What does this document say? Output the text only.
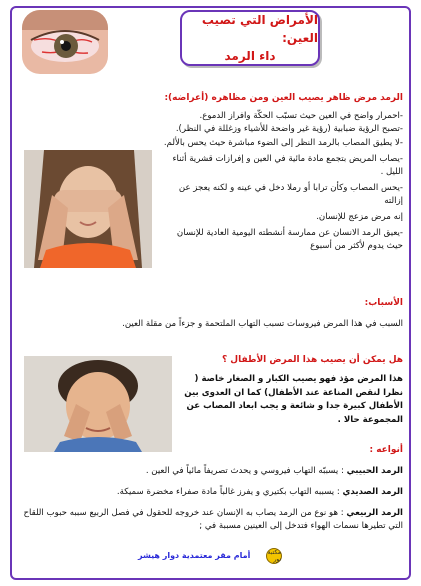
الأمراض التي تصيب العين:
داء الرمد
الرمد مرض ظاهر يصيب العين ومن مظاهره (أعراضه):
-احمرار واضح في العين حيث تسبّب الحكّة وافراز الدموع.
-تصبح الرؤية ضبابية (رؤية غير واضحة للأشياء وزغللة في النظر).
-لا يطيق المصاب بالرمد النظر إلى الضوء مباشرة حيث يحس بالألم.
-يصاب المريض بتجمع مادة مائية في العين و إفرازات قشرية أثناء الليل .
-يحس المصاب وكأن ترابا أو رملا دخل في عينه و لكنه يعجز عن إزالته
إنه مرض مزعج للإنسان.
-يعيق الرمد الانسان عن ممارسة أنشطته اليومية العادية للإنسان حيث يدوم لأكثر من أسبوع
الأسباب:
السبب في هذا المرض فيروسات تسبب التهاب الملتحمة و جزءاً من مقلة العين.
هل يمكن أن يصيب هذا المرض الأطفال ؟
هذا المرض مؤذ فهو يصيب الكبار و الصغار خاصة ( نظرا لنقص المناعة عند الأطفال) كما ان العدوى بين الأطفال كبيرة جدا و شائعة و يجب ابعاد المصاب عن المجموعة حالا .
أنواعه :
الرمد الحبيبي : يسببّه التهاب فيروسي و يحدث تصريفاً مائياً في العين .
الرمد الصديدي : يسببه التهاب بكتيري و يفرز غالباً مادة صفراء مخضرة سميكة.
الرمد الربيعي : هو نوع من الرمد يصاب به الإنسان عند خروجه للحقول في فصل الربيع سببه حبوب اللقاح التي تطيرها نسمات الهواء فتدخل إلى العينين مسببة في ;
مكتبة نور
أمام مقر معتمدية دوار هيشر
